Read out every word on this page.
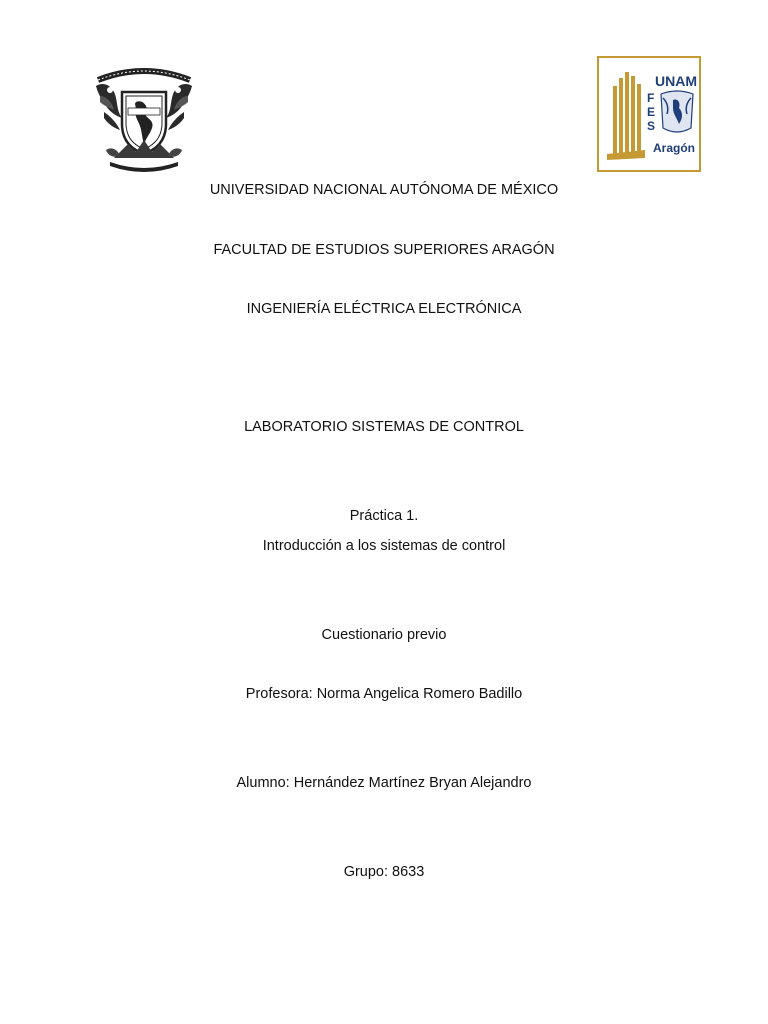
F
E
S
UNAM
Aragón
UNIVERSIDAD NACIONAL AUTÓNOMA DE MÉXICO
FACULTAD DE ESTUDIOS SUPERIORES ARAGÓN
INGENIERÍA ELÉCTRICA ELECTRÓNICA
LABORATORIO SISTEMAS DE CONTROL
Práctica 1.
Introducción a los sistemas de control
Cuestionario previo
Profesora: Norma Angelica Romero Badillo
Alumno: Hernández Martínez Bryan Alejandro
Grupo: 8633
